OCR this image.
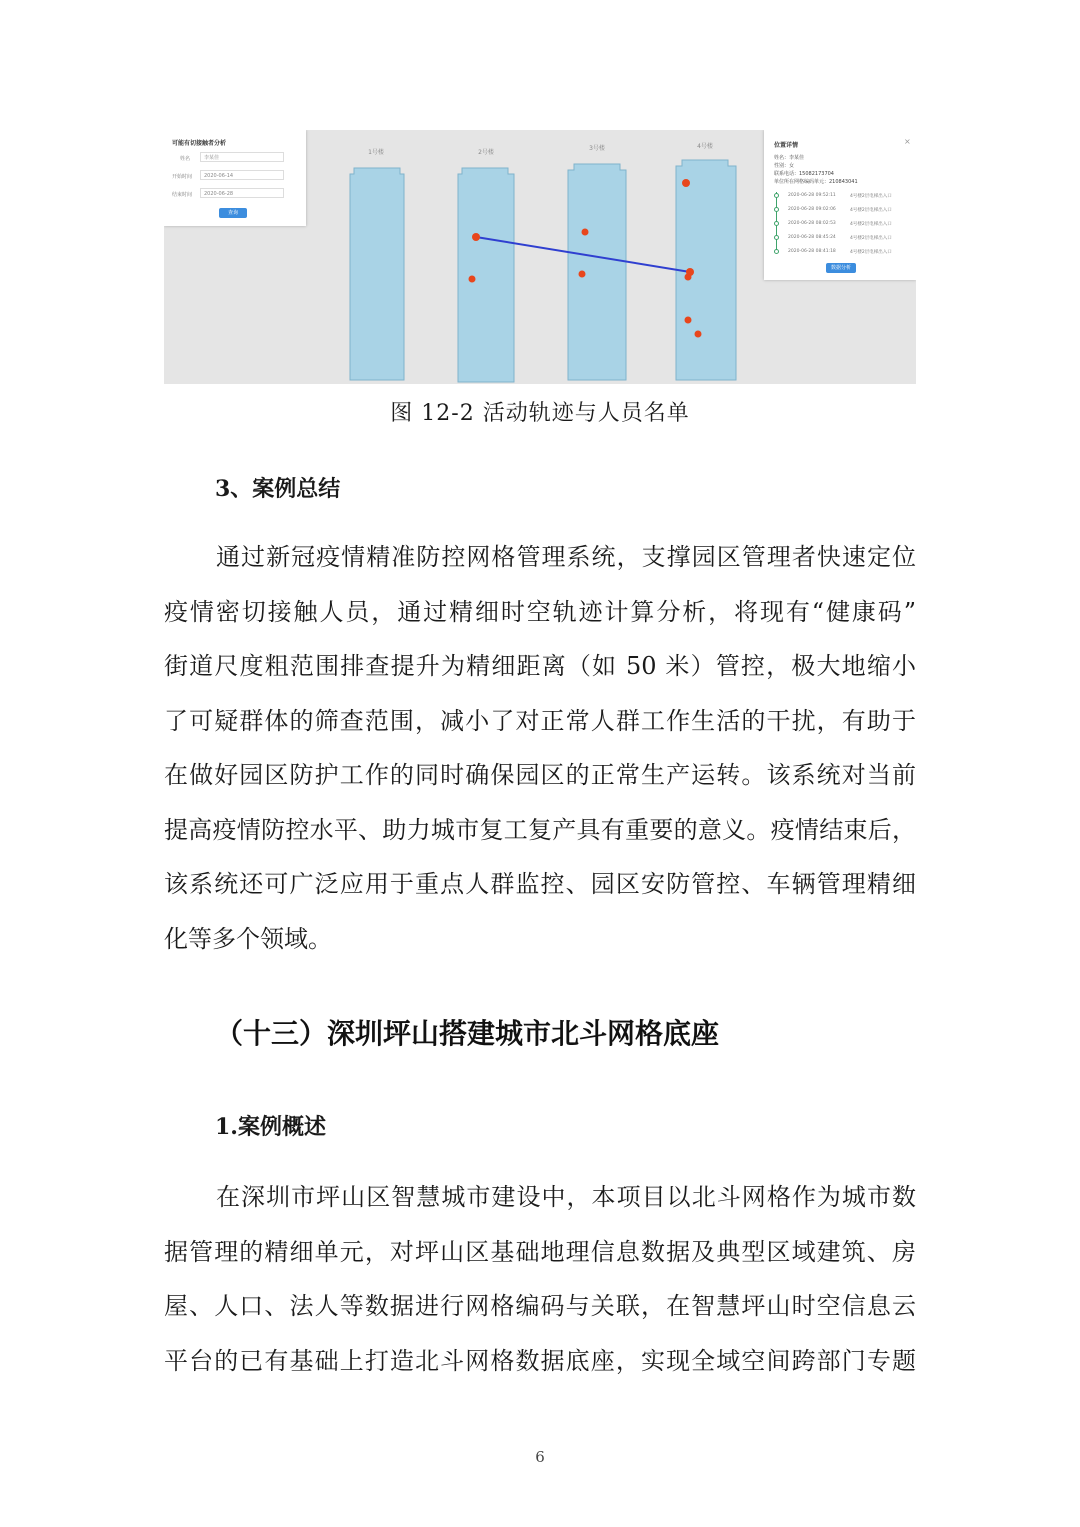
1号楼	2号楼
3号楼	4号楼
可能有切接触者分析
姓名	李某佳
开始时间	2020-06-14
结束时间	2020-06-28
查询
位置详情	×
姓名：李某佳
性别：女
联系电话：15082173704
单位所在网格编码单元：210843041
2020-06-28 09:52:11	4号楼2层电梯出入口
2020-06-28 09:02:06	4号楼2层电梯出入口
2020-06-28 08:02:53	4号楼2层电梯出入口
2020-06-28 08:45:24	4号楼2层电梯出入口
2020-06-28 08:41:18	4号楼2层电梯出入口
数据分析
图 12-2 活动轨迹与人员名单
3、案例总结
通过新冠疫情精准防控网格管理系统，支撑园区管理者快速定位
疫情密切接触人员，通过精细时空轨迹计算分析，将现有“健康码”
街道尺度粗范围排查提升为精细距离（如 50 米）管控，极大地缩小
了可疑群体的筛查范围，减小了对正常人群工作生活的干扰，有助于
在做好园区防护工作的同时确保园区的正常生产运转。该系统对当前
提高疫情防控水平、助力城市复工复产具有重要的意义。疫情结束后，
该系统还可广泛应用于重点人群监控、园区安防管控、车辆管理精细
化等多个领域。
（十三）深圳坪山搭建城市北斗网格底座
1.案例概述
在深圳市坪山区智慧城市建设中，本项目以北斗网格作为城市数
据管理的精细单元，对坪山区基础地理信息数据及典型区域建筑、房
屋、人口、法人等数据进行网格编码与关联，在智慧坪山时空信息云
平台的已有基础上打造北斗网格数据底座，实现全域空间跨部门专题
6
